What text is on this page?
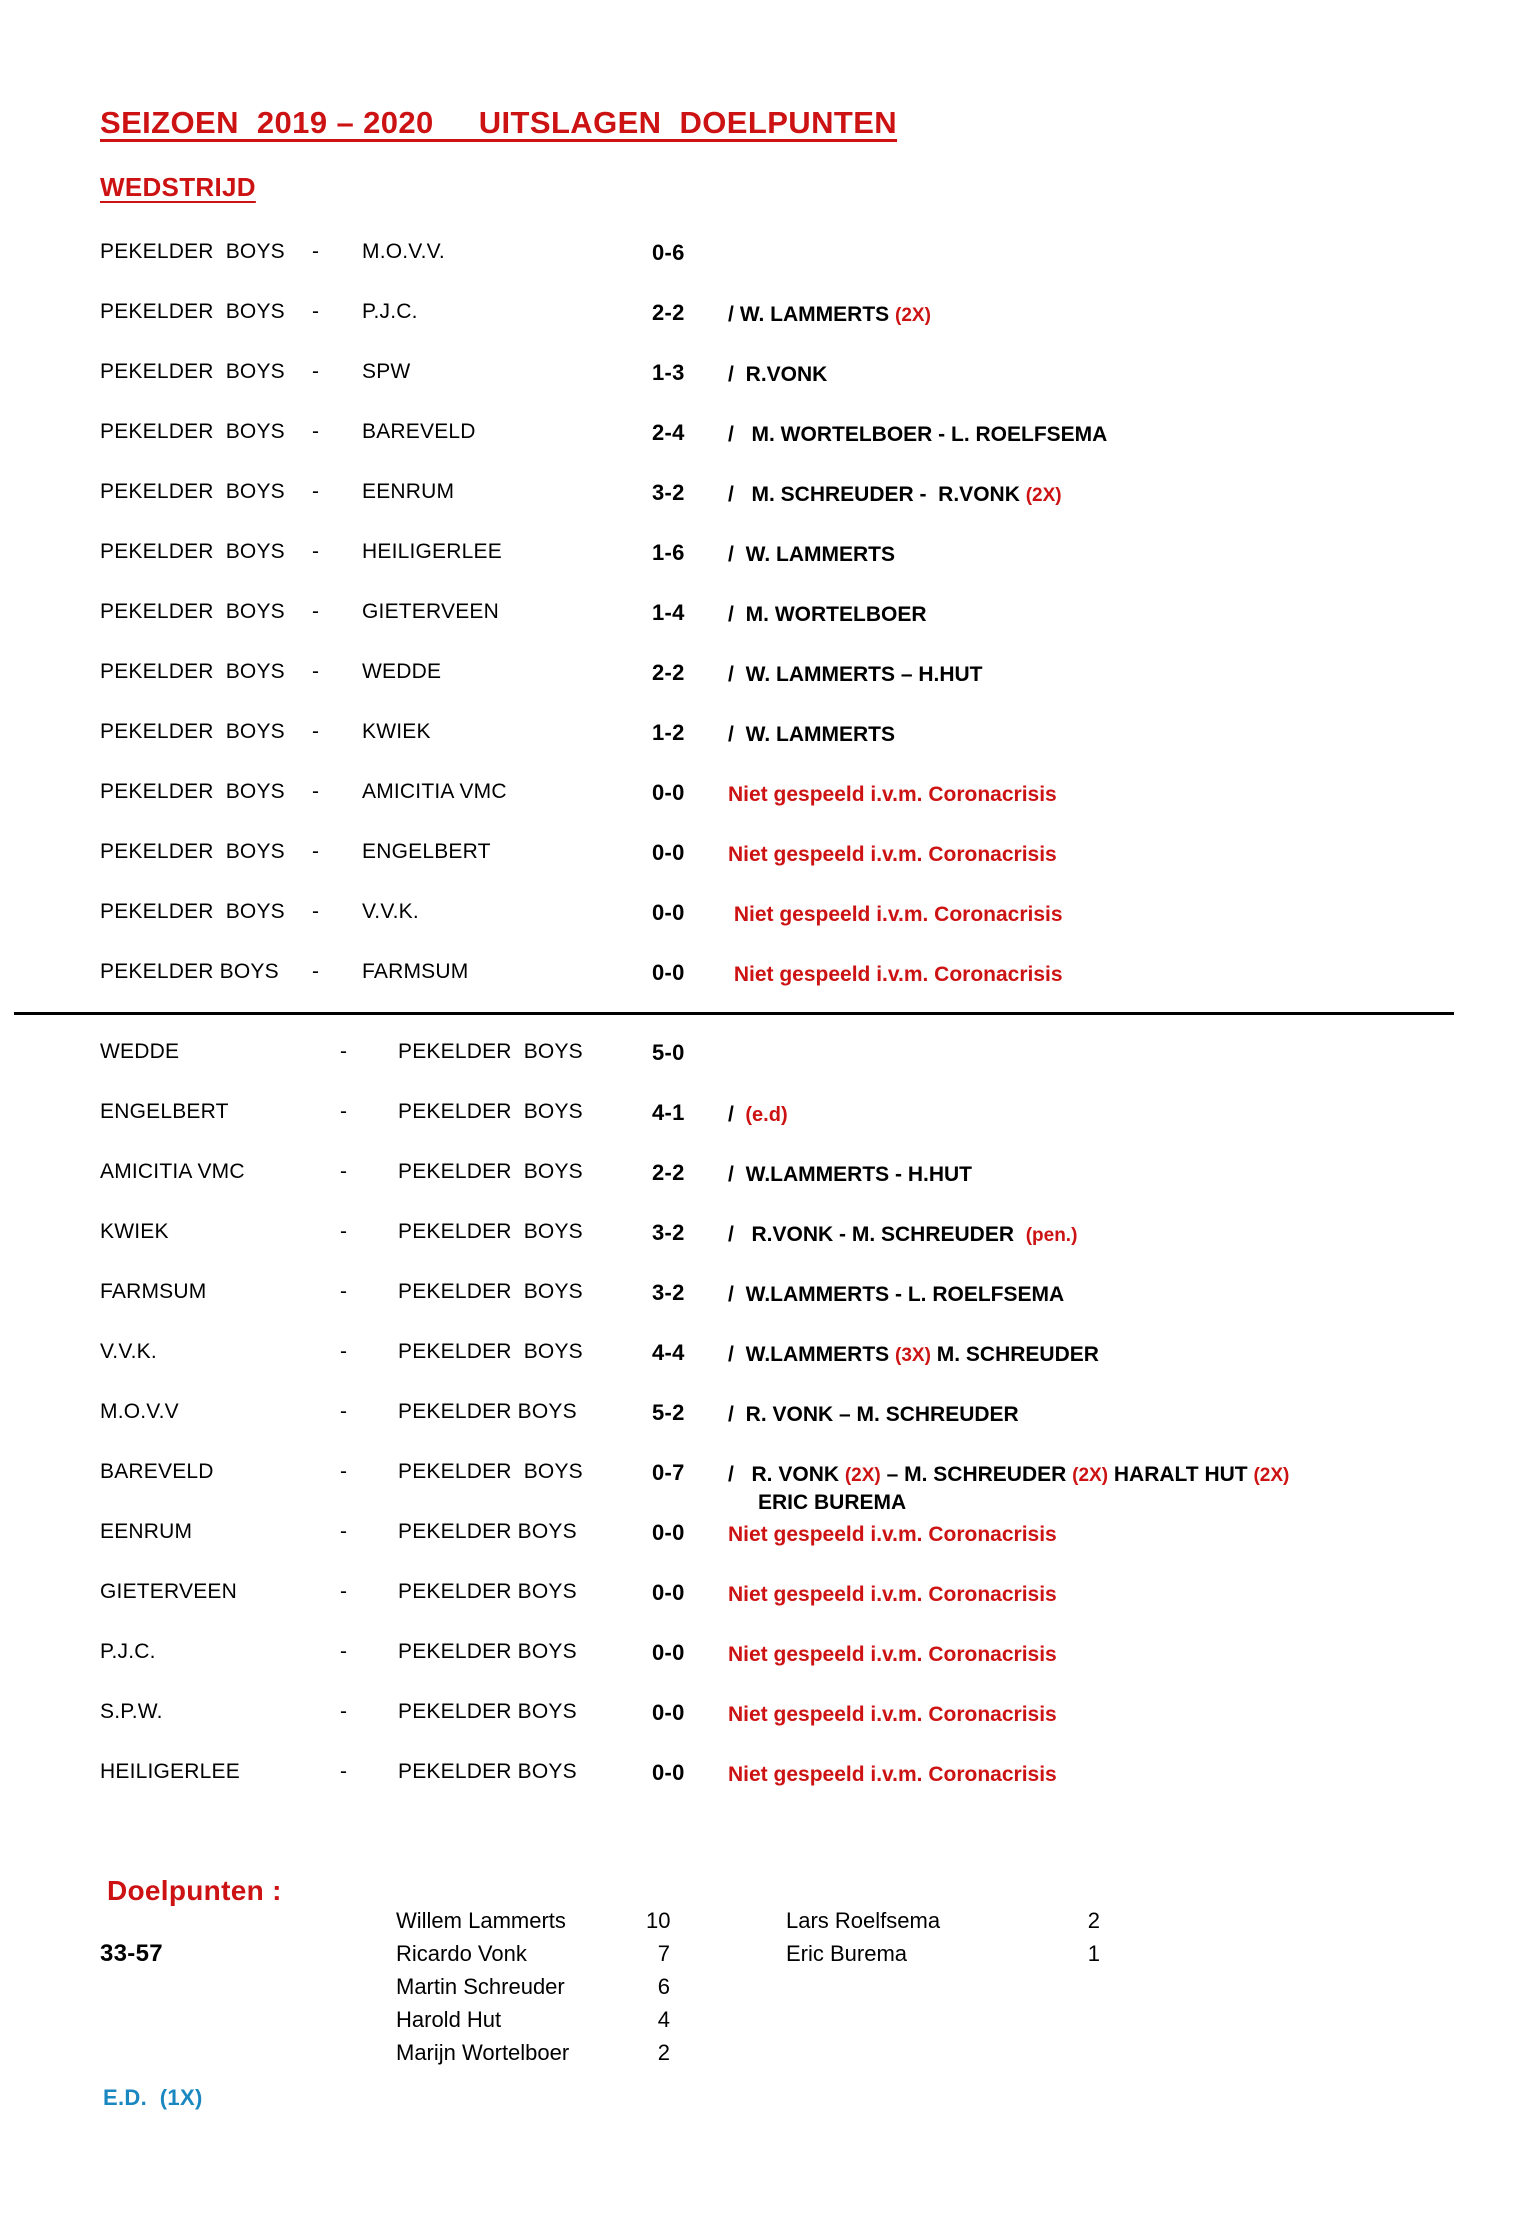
SEIZOEN  2019 – 2020     UITSLAGEN  DOELPUNTEN
WEDSTRIJD
PEKELDER  BOYS	-	M.O.V.V.	0-6
PEKELDER  BOYS	-	P.J.C.	2-2	/ W. LAMMERTS (2X)
PEKELDER  BOYS	-	SPW	1-3	/ R.VONK
PEKELDER  BOYS	-	BAREVELD	2-4	/  M. WORTELBOER - L. ROELFSEMA
PEKELDER  BOYS	-	EENRUM	3-2	/  M. SCHREUDER -  R.VONK (2X)
PEKELDER  BOYS	-	HEILIGERLEE	1-6	/ W. LAMMERTS
PEKELDER  BOYS	-	GIETERVEEN	1-4	/ M. WORTELBOER
PEKELDER  BOYS	-	WEDDE	2-2	/ W. LAMMERTS – H.HUT
PEKELDER  BOYS	-	KWIEK	1-2	/ W. LAMMERTS
PEKELDER  BOYS	-	AMICITIA VMC	0-0	Niet gespeeld i.v.m. Coronacrisis
PEKELDER  BOYS	-	ENGELBERT	0-0	Niet gespeeld i.v.m. Coronacrisis
PEKELDER  BOYS	-	V.V.K.	0-0	Niet gespeeld i.v.m. Coronacrisis
PEKELDER BOYS	-	FARMSUM	0-0	Niet gespeeld i.v.m. Coronacrisis
WEDDE	-	PEKELDER  BOYS	5-0
ENGELBERT	-	PEKELDER  BOYS	4-1	/ (e.d)
AMICITIA VMC	-	PEKELDER  BOYS	2-2	/ W.LAMMERTS - H.HUT
KWIEK	-	PEKELDER  BOYS	3-2	/  R.VONK - M. SCHREUDER  (pen.)
FARMSUM	-	PEKELDER  BOYS	3-2	/ W.LAMMERTS - L. ROELFSEMA
V.V.K.	-	PEKELDER  BOYS	4-4	/ W.LAMMERTS (3X) M. SCHREUDER
M.O.V.V	-	PEKELDER BOYS	5-2	/ R. VONK – M. SCHREUDER
BAREVELD	-	PEKELDER  BOYS	0-7	/  R. VONK (2X) – M. SCHREUDER (2X) HARALT HUT (2X)
ERIC BUREMA
EENRUM	-	PEKELDER BOYS	0-0	Niet gespeeld i.v.m. Coronacrisis
GIETERVEEN	-	PEKELDER BOYS	0-0	Niet gespeeld i.v.m. Coronacrisis
P.J.C.	-	PEKELDER BOYS	0-0	Niet gespeeld i.v.m. Coronacrisis
S.P.W.	-	PEKELDER BOYS	0-0	Niet gespeeld i.v.m. Coronacrisis
HEILIGERLEE	-	PEKELDER BOYS	0-0	Niet gespeeld i.v.m. Coronacrisis
Doelpunten :
33-57
Willem Lammerts	10
Ricardo Vonk	7
Martin Schreuder	6
Harold Hut	4
Marijn Wortelboer	2
Lars Roelfsema	2
Eric Burema	1
E.D.  (1X)
